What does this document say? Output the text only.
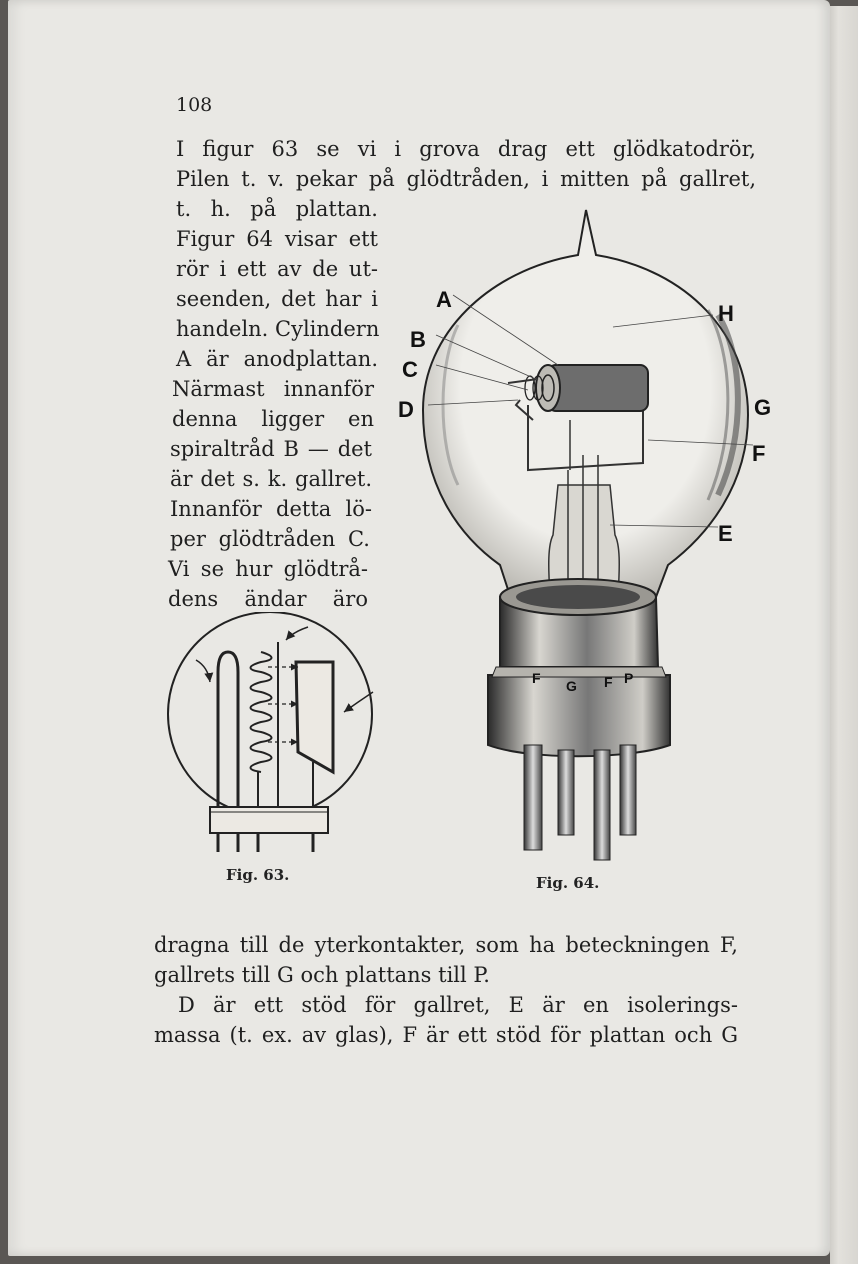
108
I figur 63 se vi i grova drag ett glödkatodrör,
Pilen t. v. pekar på glödtråden, i mitten på gallret,
t. h. på plattan.
Figur 64 visar ett
rör i ett av de ut-
seenden, det har i
handeln. Cylindern
A är anodplattan.
Närmast innanför
denna ligger en
spiraltråd B — det
är det s. k. gallret.
Innanför detta lö-
per glödtråden C.
Vi se hur glödtrå-
dens ändar äro
Fig. 63.
F G F P
A
B
C
D
H
G
F
E
Fig. 64.
dragna till de yterkontakter, som ha beteckningen F,
gallrets till G och plattans till P.
D är ett stöd för gallret, E är en isolerings-
massa (t. ex. av glas), F är ett stöd för plattan och G
